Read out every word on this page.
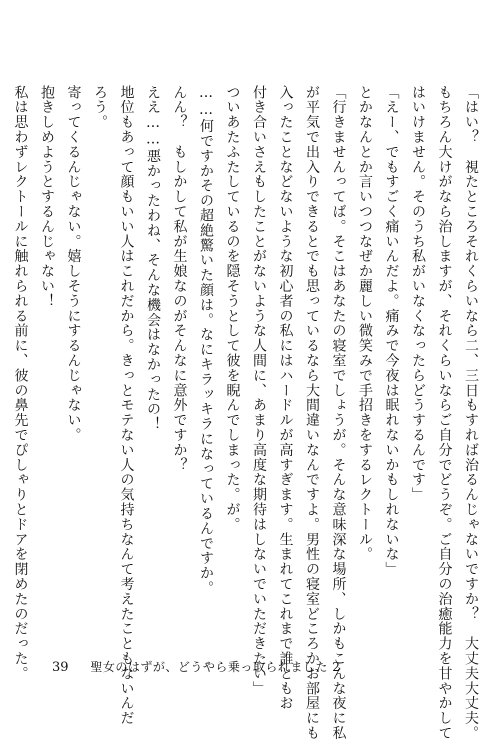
「はい？　視たところそれくらいなら二、三日もすれば治るんじゃないですか？　大丈夫大丈夫。
もちろん大けがなら治しますが、それくらいならご自分でどうぞ。ご自分の治癒能力を甘やかして
はいけません。そのうち私がいなくなったらどうするんです」
「えー、でもすごく痛いんだよ。痛みで今夜は眠れないかもしれないな」
とかなんとか言いつつなぜか麗しい微笑みで手招きをするレクトール。
「行きませんってば。そこはあなたの寝室でしょうが。そんな意味深な場所、しかもこんな夜に私
が平気で出入りできるとでも思っているなら大間違いなんですよ。男性の寝室どころかお部屋にも
入ったことなどないような初心者の私にはハードルが高すぎます。生まれてこれまで誰ともお
付き合いさえもしたことがないような人間に、あまり高度な期待はしないでいただきたい」
ついあたふたしているのを隠そうとして彼を睨んでしまった。が。
……何ですかその超絶驚いた顔は。なにキラッキラになっているんですか。
んん？　もしかして私が生娘なのがそんなに意外ですか？
ええ……悪かったわね、そんな機会はなかったの！
地位もあって顔もいい人はこれだから。きっとモテない人の気持ちなんて考えたこともないんだ
ろう。
寄ってくるんじゃない。嬉しそうにするんじゃない。
抱きしめようとするんじゃない！
私は思わずレクトールに触れられる前に、彼の鼻先でぴしゃりとドアを閉めたのだった。 39 聖女のはずが、どうやら乗っ取られました 2
